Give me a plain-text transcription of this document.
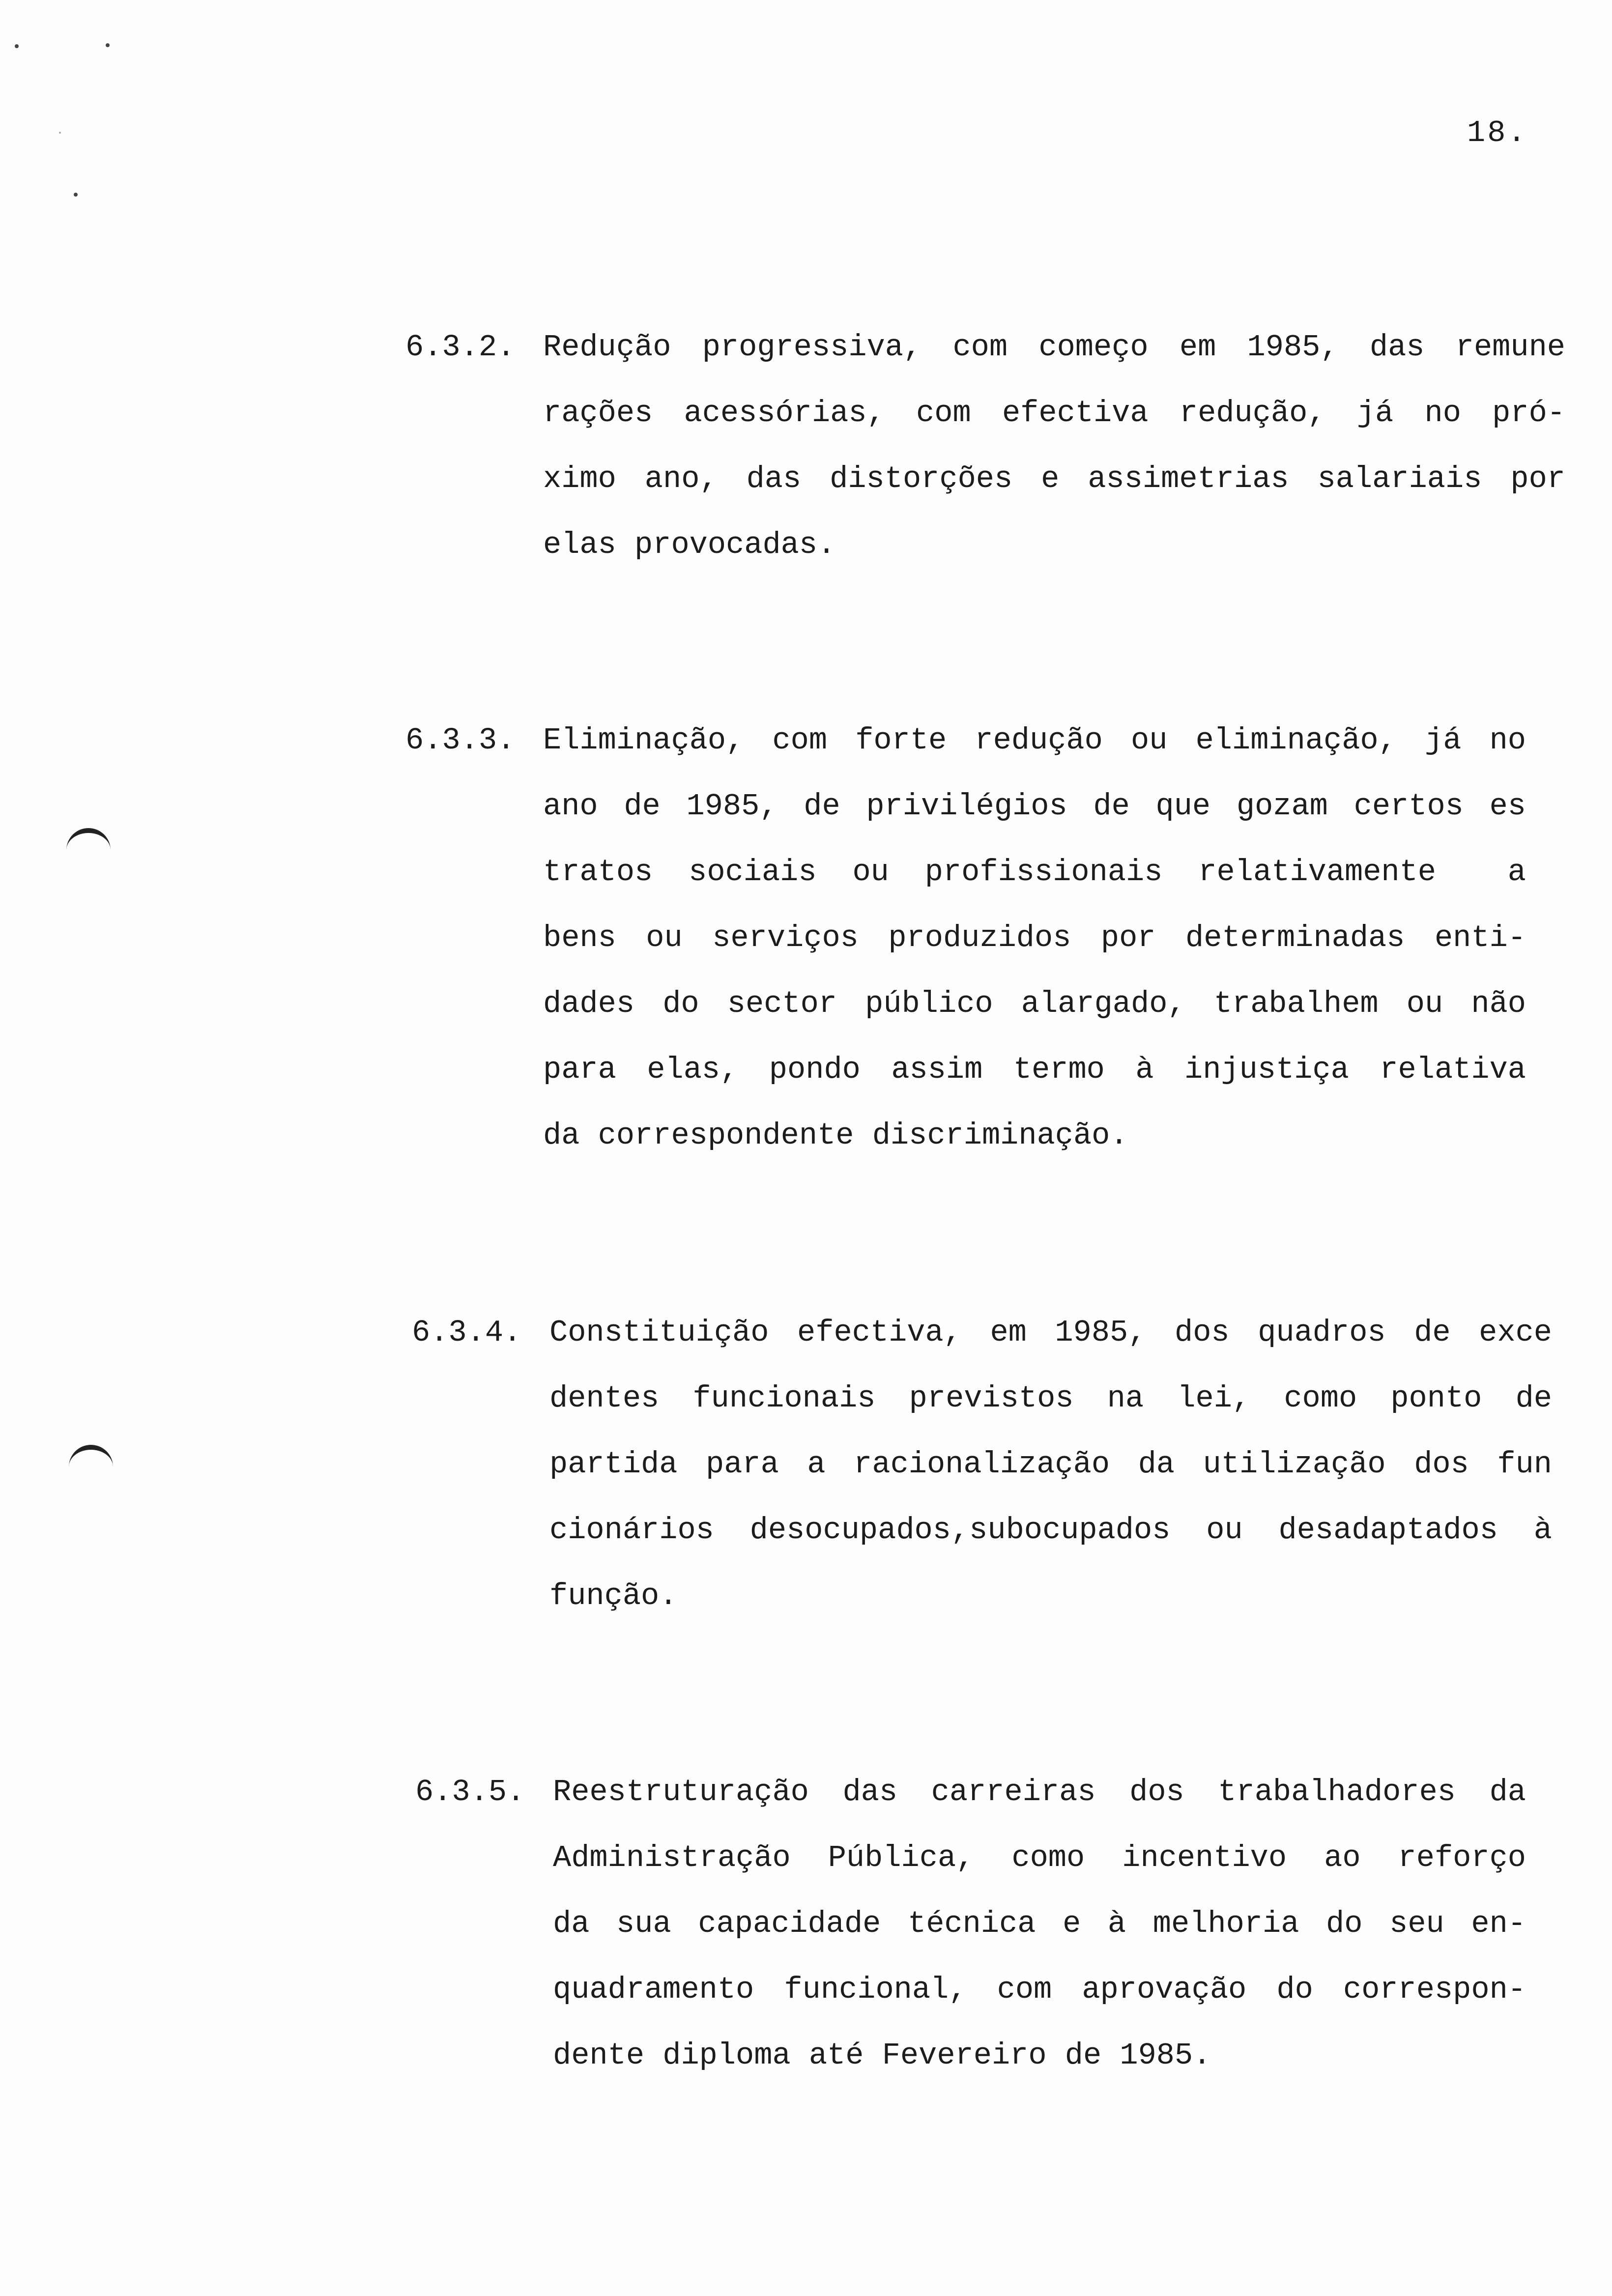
18.
6.3.2. Redução progressiva, com começo em 1985, das remune
rações acessórias, com efectiva redução, já no pró-
ximo ano, das distorções e assimetrias salariais por
elas provocadas.
6.3.3. Eliminação, com forte redução ou eliminação, já no
ano de 1985, de privilégios de que gozam certos es
tratos sociais ou profissionais relativamente  a
bens ou serviços produzidos por determinadas enti-
dades do sector público alargado, trabalhem ou não
para elas, pondo assim termo à injustiça relativa
da correspondente discriminação.
6.3.4. Constituição efectiva, em 1985, dos quadros de exce
dentes funcionais previstos na lei, como ponto de
partida para a racionalização da utilização dos fun
cionários desocupados,subocupados ou desadaptados à
função.
6.3.5. Reestruturação das carreiras dos trabalhadores da
Administração Pública, como incentivo ao reforço
da sua capacidade técnica e à melhoria do seu en-
quadramento funcional, com aprovação do correspon-
dente diploma até Fevereiro de 1985.
